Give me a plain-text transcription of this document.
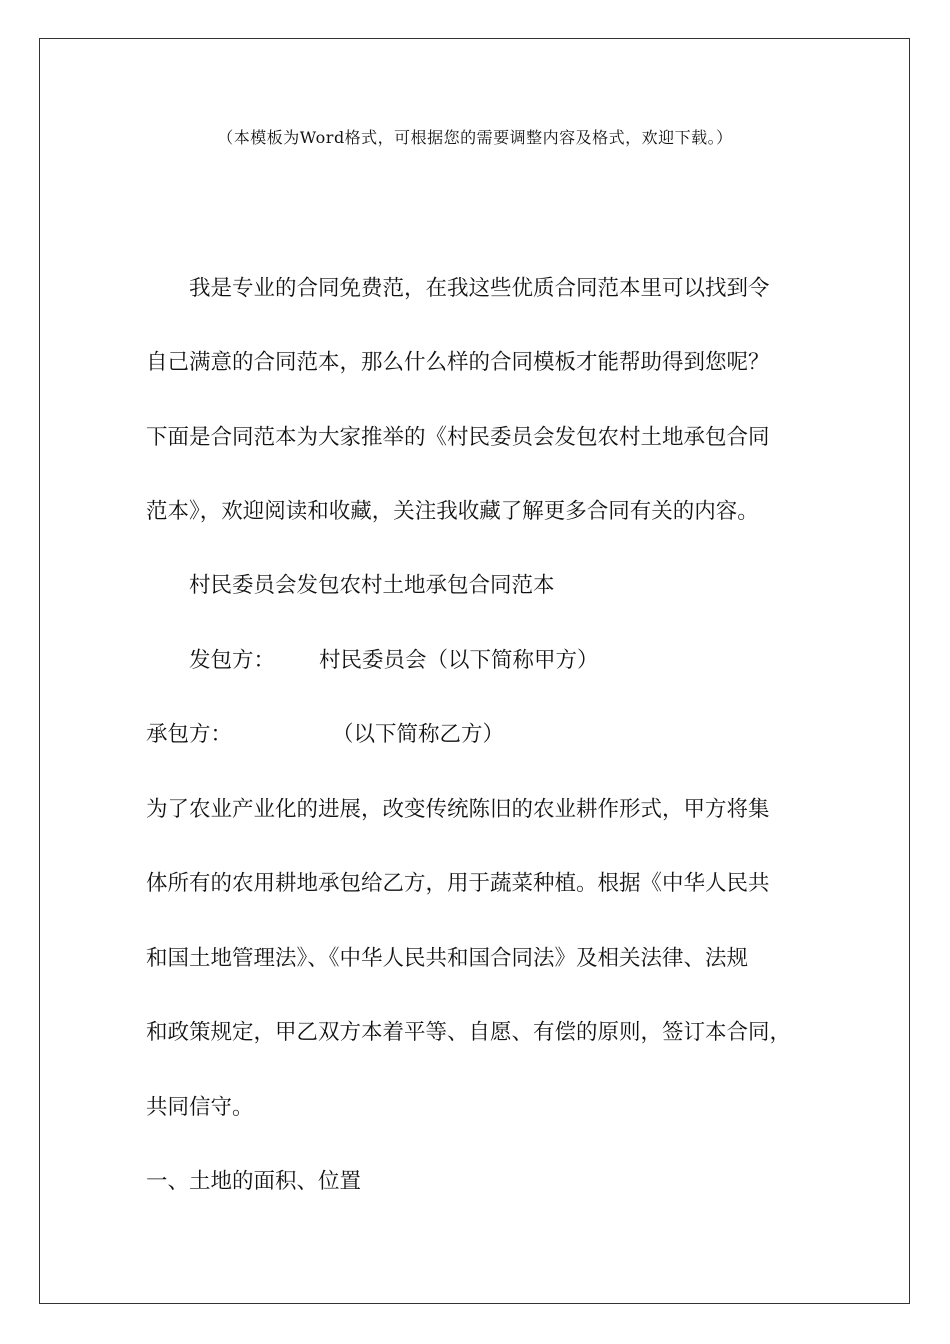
（本模板为Word格式，可根据您的需要调整内容及格式，欢迎下载。）
我是专业的合同免费范，在我这些优质合同范本里可以找到令
自己满意的合同范本，那么什么样的合同模板才能帮助得到您呢？
下面是合同范本为大家推举的《村民委员会发包农村土地承包合同
范本》，欢迎阅读和收藏，关注我收藏了解更多合同有关的内容。
村民委员会发包农村土地承包合同范本
发包方： 村民委员会（以下简称甲方）
承包方：	（以下简称乙方）
为了农业产业化的进展，改变传统陈旧的农业耕作形式，甲方将集
体所有的农用耕地承包给乙方，用于蔬菜种植。根据《中华人民共
和国土地管理法》、《中华人民共和国合同法》及相关法律、法规
和政策规定，甲乙双方本着平等、自愿、有偿的原则，签订本合同，
共同信守。
一、土地的面积、位置
